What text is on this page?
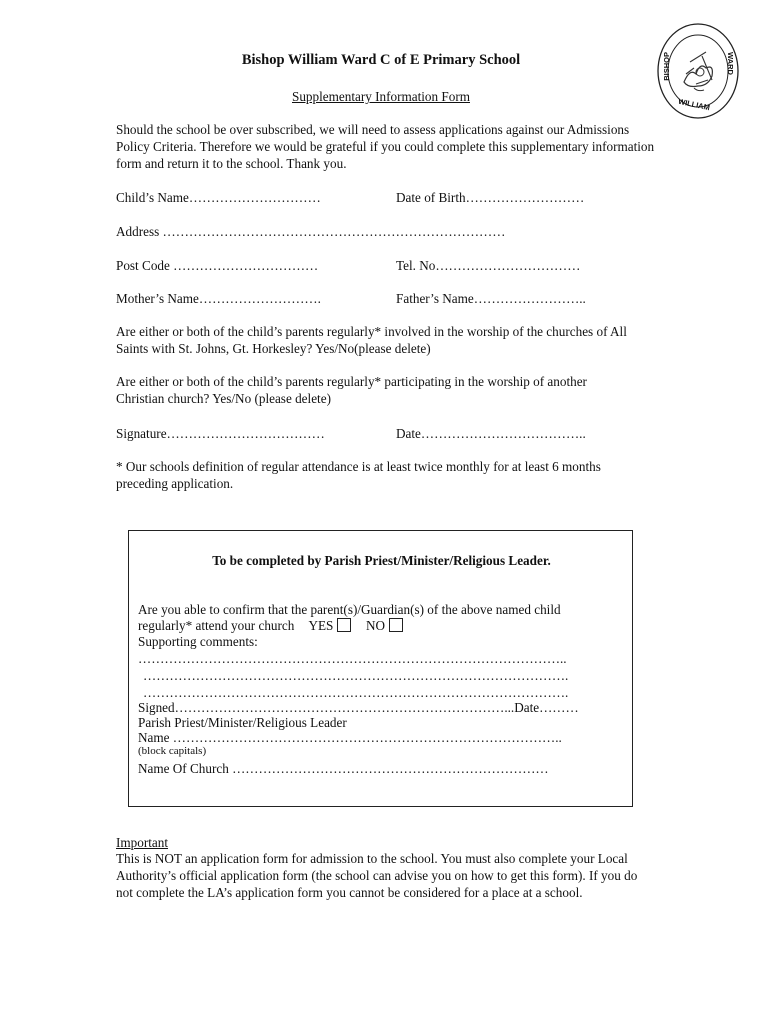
BISHOP	WARD
WILLIAM
Bishop William Ward C of E Primary School
Supplementary Information Form
Should the school be over subscribed, we will need to assess applications against our Admissions Policy Criteria. Therefore we would be grateful if you could complete this supplementary information form and return it to the school. Thank you.
Child’s Name…………………………	Date of Birth………………………
Address ……………………………………………………………………
Post Code ……………………………	Tel. No……………………………
Mother’s Name……………………….	Father’s Name……………………..
Are either or both of the child’s parents regularly* involved in the worship of the churches of All Saints with St. Johns, Gt. Horkesley? Yes/No(please delete)
Are either or both of the child’s parents regularly* participating in the worship of another Christian church? Yes/No (please delete)
Signature………………………………	Date………………………………..
* Our schools definition of regular attendance is at least twice monthly for at least 6 months preceding application.
To be completed by Parish Priest/Minister/Religious Leader.
Are you able to confirm that the parent(s)/Guardian(s) of the above named child
regularly* attend your church YES NO
Supporting comments:
……………………………………………………………………………………..
…………………………………………………………………………………….
…………………………………………………………………………………….
Signed…………………………………………………………………...Date………
Parish Priest/Minister/Religious Leader
Name ……………………………………………………………………………..
(block capitals)
Name Of Church ………………………………………………………………
Important
This is NOT an application form for admission to the school. You must also complete your Local Authority’s official application form (the school can advise you on how to get this form). If you do not complete the LA’s application form you cannot be considered for a place at a school.
